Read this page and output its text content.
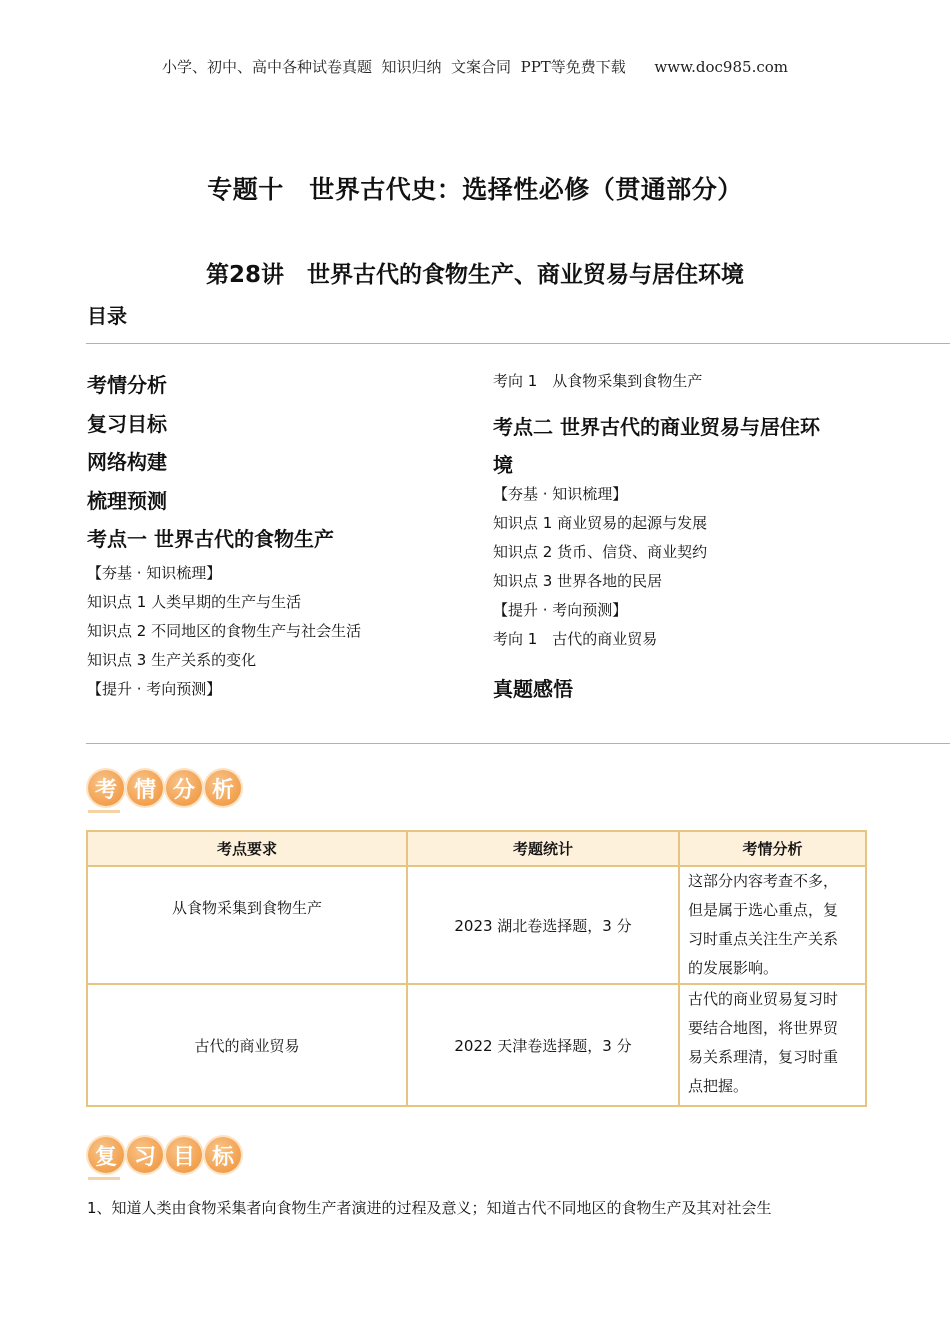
小学、初中、高中各种试卷真题  知识归纳  文案合同  PPT等免费下载      www.doc985.com
专题十　世界古代史：选择性必修（贯通部分）
第28讲　世界古代的食物生产、商业贸易与居住环境
目录
考情分析
复习目标
网络构建
梳理预测
考点一 世界古代的食物生产
【夯基 · 知识梳理】
知识点 1 人类早期的生产与生活
知识点 2 不同地区的食物生产与社会生活
知识点 3 生产关系的变化
【提升 · 考向预测】
考向 1　从食物采集到食物生产
考点二 世界古代的商业贸易与居住环
境
【夯基 · 知识梳理】
知识点 1 商业贸易的起源与发展
知识点 2 货币、信贷、商业契约
知识点 3 世界各地的民居
【提升 · 考向预测】
考向 1　古代的商业贸易
真题感悟
考 情 分 析
考点要求	考题统计	考情分析
从食物采集到食物生产	2023 湖北卷选择题，3 分	这部分内容考查不多，
但是属于选心重点，复
习时重点关注生产关系
的发展影响。

古代的商业贸易	2022 天津卷选择题，3 分	古代的商业贸易复习时
要结合地图，将世界贸
易关系理清，复习时重
点把握。
复 习 目 标
1、知道人类由食物采集者向食物生产者演进的过程及意义；知道古代不同地区的食物生产及其对社会生
